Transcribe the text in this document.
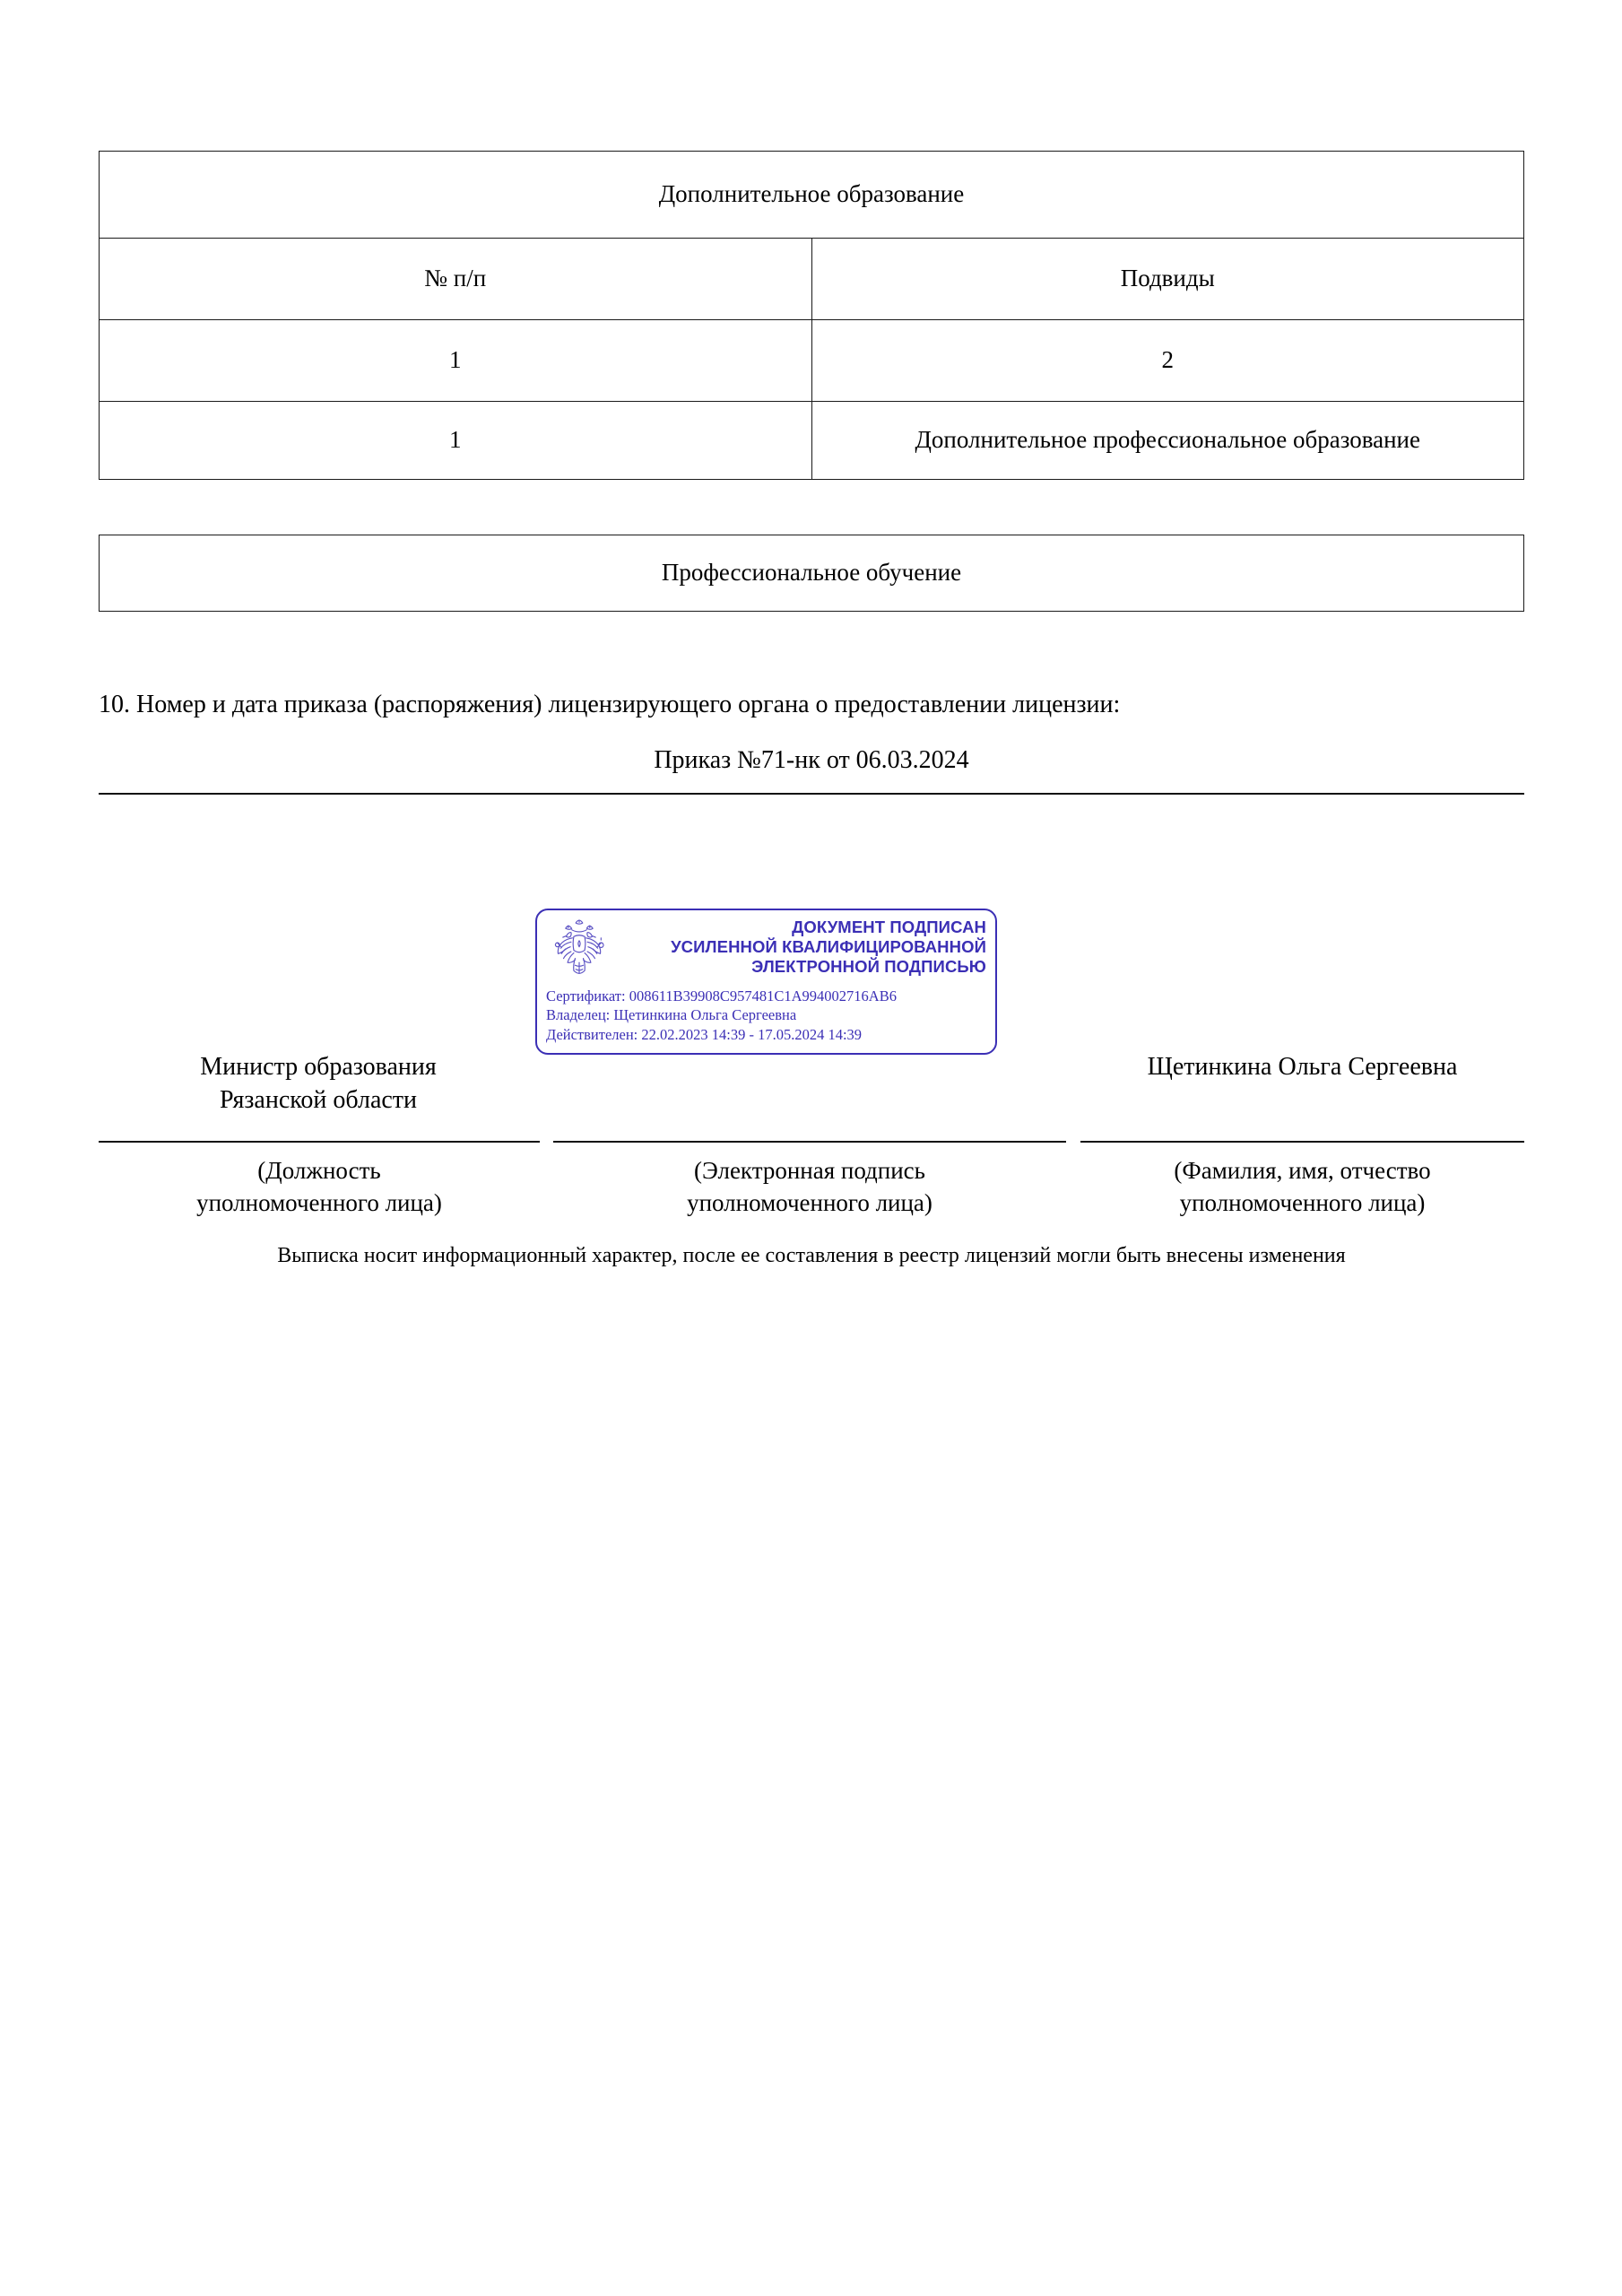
Дополнительное образование	
№ п/п	Подвиды
1	2
1	Дополнительное профессиональное образование
Профессиональное обучение
10. Номер и дата приказа (распоряжения) лицензирующего органа о предоставлении лицензии:
Приказ №71-нк от 06.03.2024
ДОКУМЕНТ ПОДПИСАН
УСИЛЕННОЙ КВАЛИФИЦИРОВАННОЙ
ЭЛЕКТРОННОЙ ПОДПИСЬЮ
Сертификат: 008611B39908C957481C1A994002716AB6
Владелец: Щетинкина Ольга Сергеевна
Действителен: 22.02.2023 14:39 - 17.05.2024 14:39
Министр образования
Рязанской области
Щетинкина Ольга Сергеевна
(Должность
уполномоченного лица)
(Электронная подпись
уполномоченного лица)
(Фамилия, имя, отчество
уполномоченного лица)
Выписка носит информационный характер, после ее составления в реестр лицензий могли быть внесены изменения
